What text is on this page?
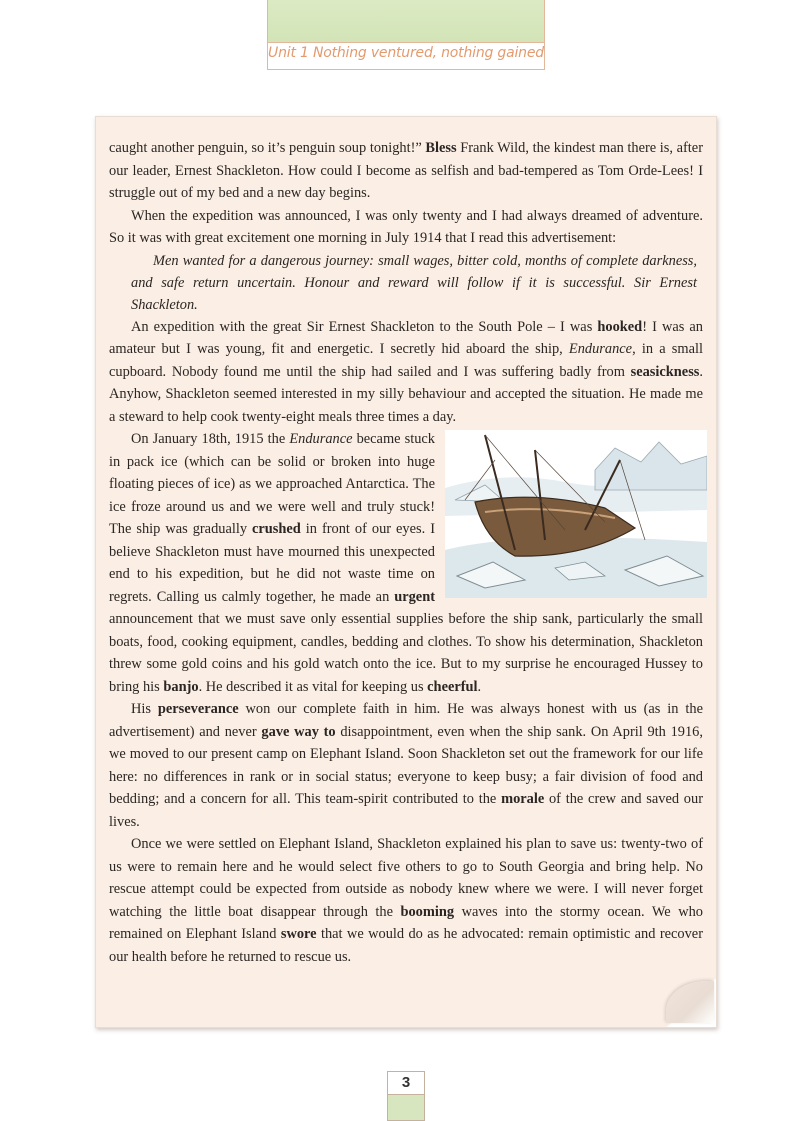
Unit 1 Nothing ventured, nothing gained

caught another penguin, so it’s penguin soup tonight!” Bless Frank Wild, the kindest man there is, after our leader, Ernest Shackleton. How could I become as selfish and bad-tempered as Tom Orde-Lees! I struggle out of my bed and a new day begins.

When the expedition was announced, I was only twenty and I had always dreamed of adventure. So it was with great excitement one morning in July 1914 that I read this advertisement:

Men wanted for a dangerous journey: small wages, bitter cold, months of complete darkness, and safe return uncertain. Honour and reward will follow if it is successful. Sir Ernest Shackleton.

An expedition with the great Sir Ernest Shackleton to the South Pole – I was hooked! I was an amateur but I was young, fit and energetic. I secretly hid aboard the ship, Endurance, in a small cupboard. Nobody found me until the ship had sailed and I was suffering badly from seasickness. Anyhow, Shackleton seemed interested in my silly behaviour and accepted the situation. He made me a steward to help cook twenty-eight meals three times a day.

On January 18th, 1915 the Endurance became stuck in pack ice (which can be solid or broken into huge floating pieces of ice) as we approached Antarctica. The ice froze around us and we were well and truly stuck! The ship was gradually crushed in front of our eyes. I believe Shackleton must have mourned this unexpected end to his expedition, but he did not waste time on regrets. Calling us calmly together, he made an urgent announcement that we must save only essential supplies before the ship sank, particularly the small boats, food, cooking equipment, candles, bedding and clothes. To show his determination, Shackleton threw some gold coins and his gold watch onto the ice. But to my surprise he encouraged Hussey to bring his banjo. He described it as vital for keeping us cheerful.

His perseverance won our complete faith in him. He was always honest with us (as in the advertisement) and never gave way to disappointment, even when the ship sank. On April 9th 1916, we moved to our present camp on Elephant Island. Soon Shackleton set out the framework for our life here: no differences in rank or in social status; everyone to keep busy; a fair division of food and bedding; and a concern for all. This team-spirit contributed to the morale of the crew and saved our lives.

Once we were settled on Elephant Island, Shackleton explained his plan to save us: twenty-two of us were to remain here and he would select five others to go to South Georgia and bring help. No rescue attempt could be expected from outside as nobody knew where we were. I will never forget watching the little boat disappear through the booming waves into the stormy ocean. We who remained on Elephant Island swore that we would do as he advocated: remain optimistic and recover our health before he returned to rescue us.

3
